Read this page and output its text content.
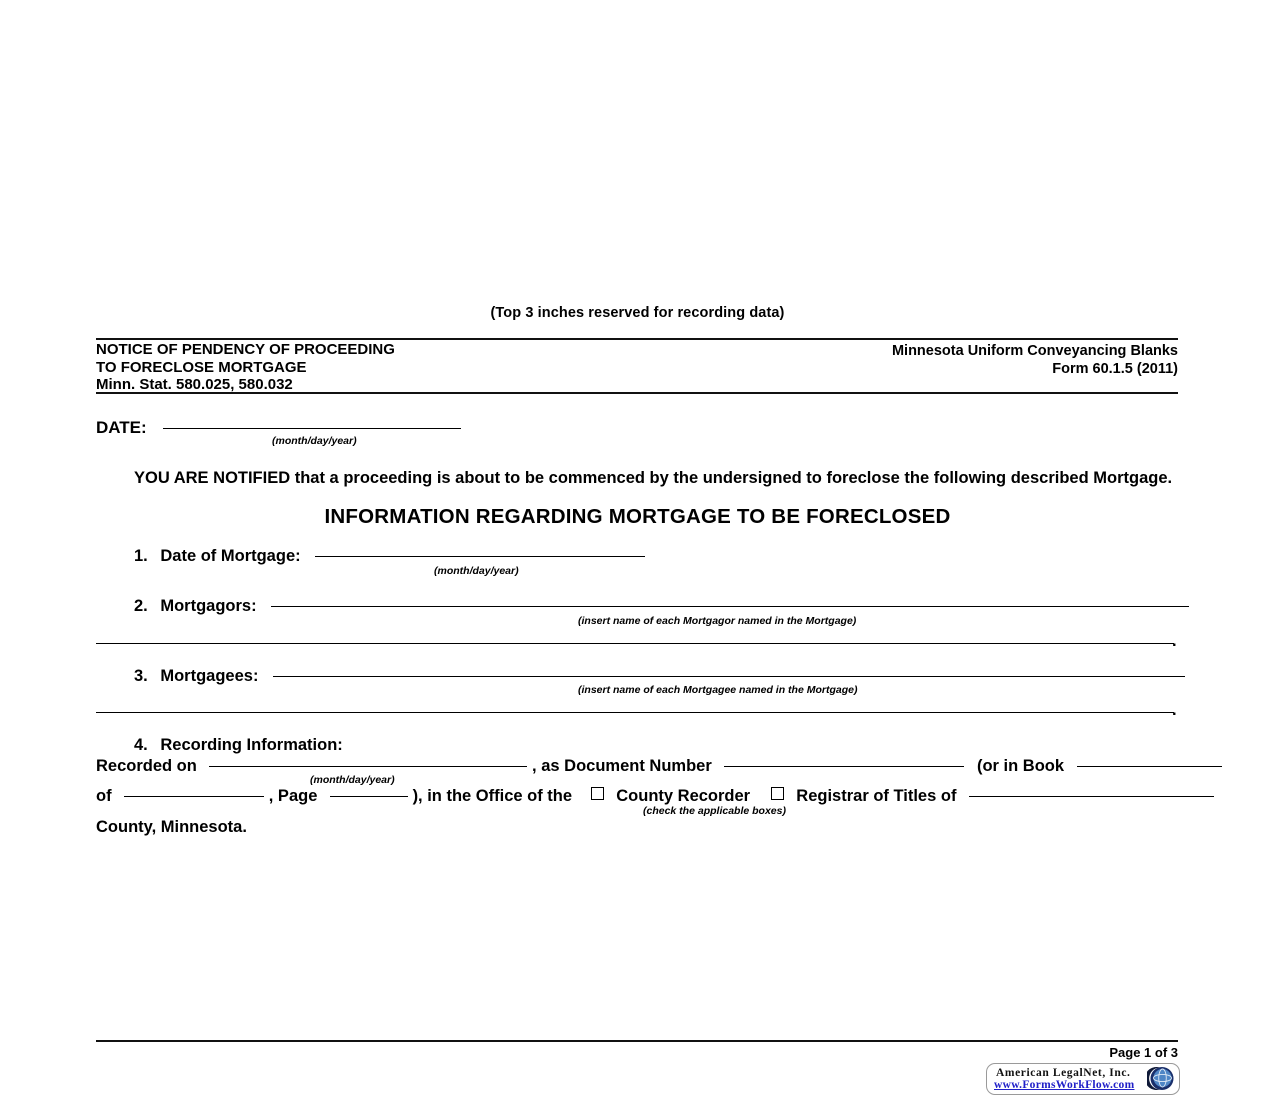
(Top 3 inches reserved for recording data)
NOTICE OF PENDENCY OF PROCEEDING
TO FORECLOSE MORTGAGE
Minn. Stat. 580.025, 580.032
Minnesota Uniform Conveyancing Blanks
Form 60.1.5 (2011)
DATE:
(month/day/year)
YOU ARE NOTIFIED that a proceeding is about to be commenced by the undersigned to foreclose the following described Mortgage.
INFORMATION REGARDING MORTGAGE TO BE FORECLOSED
1. Date of Mortgage:
(month/day/year)
2. Mortgagors:
(insert name of each Mortgagor named in the Mortgage)
.
3. Mortgagees:
(insert name of each Mortgagee named in the Mortgage)
.
4. Recording Information:
Recorded on	, as Document Number	(or in Book
(month/day/year)
of	, Page	), in the Office of the	County Recorder	Registrar of Titles of
(check the applicable boxes)
County, Minnesota.
Page 1 of 3
American LegalNet, Inc.
www.FormsWorkFlow.com
